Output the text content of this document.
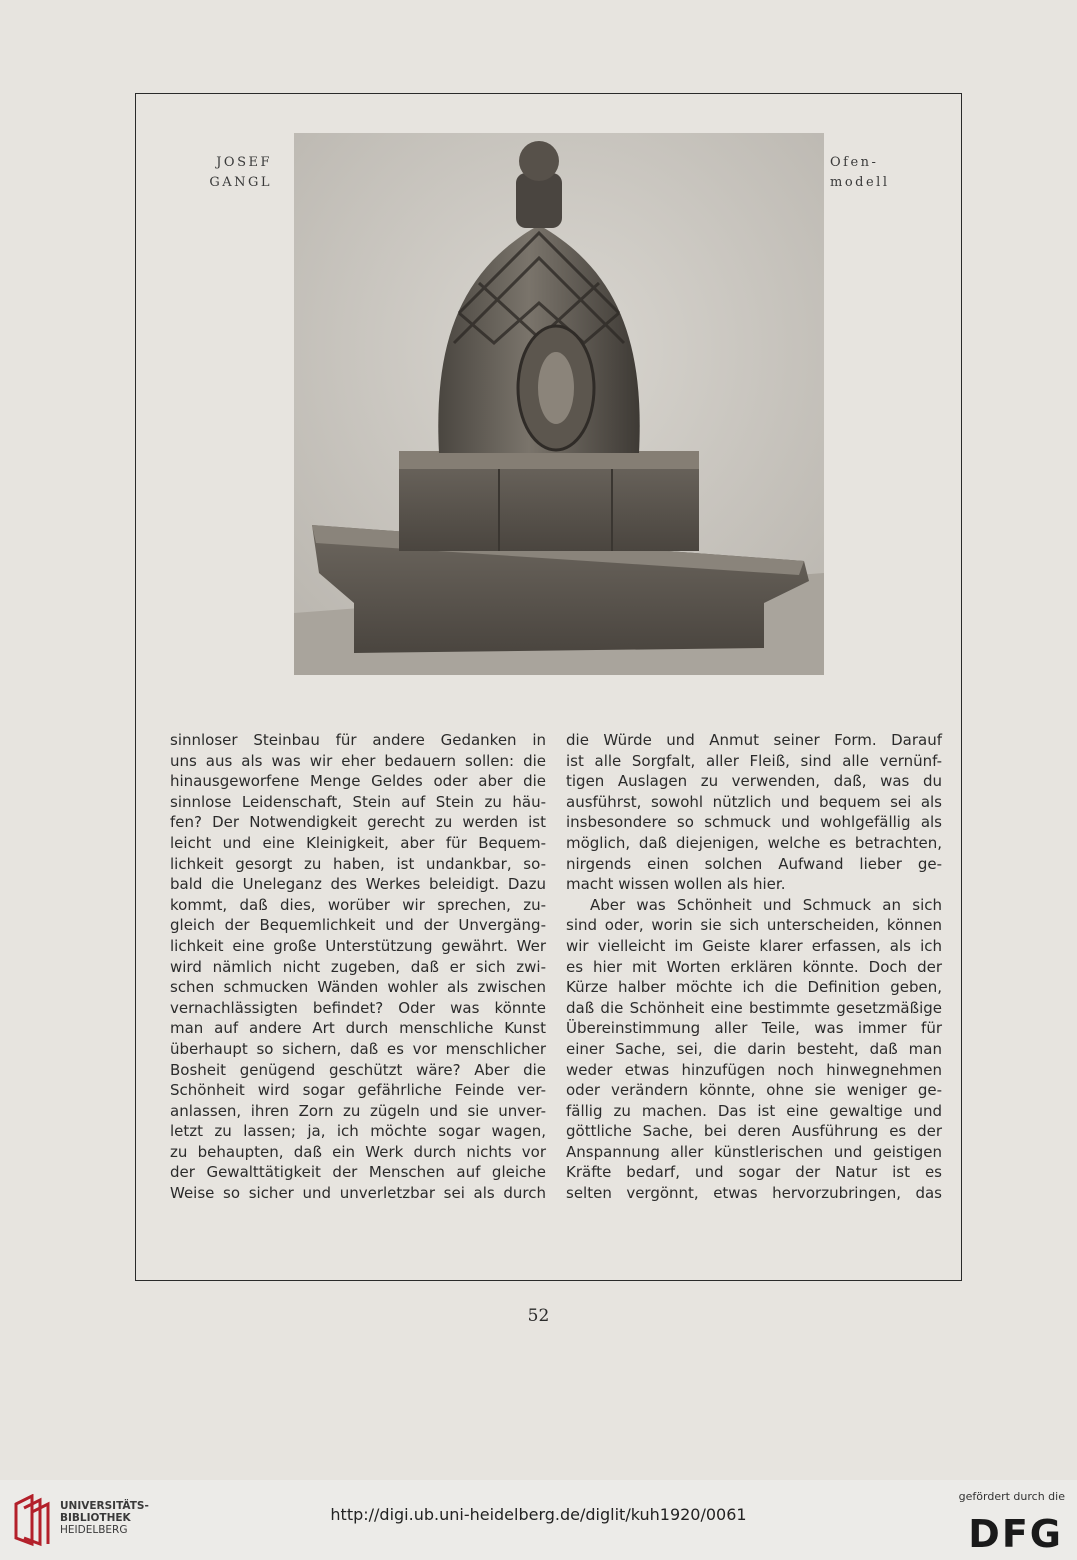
JOSEF
GANGL
Ofen-
modell
sinnloser Steinbau für andere Gedanken in
uns aus als was wir eher bedauern sollen: die
hinausgeworfene Menge Geldes oder aber die
sinnlose Leidenschaft, Stein auf Stein zu häu-
fen? Der Notwendigkeit gerecht zu werden ist
leicht und eine Kleinigkeit, aber für Bequem-
lichkeit gesorgt zu haben, ist undankbar, so-
bald die Uneleganz des Werkes beleidigt. Dazu
kommt, daß dies, worüber wir sprechen, zu-
gleich der Bequemlichkeit und der Unvergäng-
lichkeit eine große Unterstützung gewährt. Wer
wird nämlich nicht zugeben, daß er sich zwi-
schen schmucken Wänden wohler als zwischen
vernachlässigten befindet? Oder was könnte
man auf andere Art durch menschliche Kunst
überhaupt so sichern, daß es vor menschlicher
Bosheit genügend geschützt wäre? Aber die
Schönheit wird sogar gefährliche Feinde ver-
anlassen, ihren Zorn zu zügeln und sie unver-
letzt zu lassen; ja, ich möchte sogar wagen,
zu behaupten, daß ein Werk durch nichts vor
der Gewalttätigkeit der Menschen auf gleiche
Weise so sicher und unverletzbar sei als durch
die Würde und Anmut seiner Form. Darauf
ist alle Sorgfalt, aller Fleiß, sind alle vernünf-
tigen Auslagen zu verwenden, daß, was du
ausführst, sowohl nützlich und bequem sei als
insbesondere so schmuck und wohlgefällig als
möglich, daß diejenigen, welche es betrachten,
nirgends einen solchen Aufwand lieber ge-
macht wissen wollen als hier.
Aber was Schönheit und Schmuck an sich
sind oder, worin sie sich unterscheiden, können
wir vielleicht im Geiste klarer erfassen, als ich
es hier mit Worten erklären könnte. Doch der
Kürze halber möchte ich die Definition geben,
daß die Schönheit eine bestimmte gesetzmäßige
Übereinstimmung aller Teile, was immer für
einer Sache, sei, die darin besteht, daß man
weder etwas hinzufügen noch hinwegnehmen
oder verändern könnte, ohne sie weniger ge-
fällig zu machen. Das ist eine gewaltige und
göttliche Sache, bei deren Ausführung es der
Anspannung aller künstlerischen und geistigen
Kräfte bedarf, und sogar der Natur ist es
selten vergönnt, etwas hervorzubringen, das
52
UNIVERSITÄTS-
BIBLIOTHEK
HEIDELBERG
http://digi.ub.uni-heidelberg.de/diglit/kuh1920/0061
gefördert durch die
DFG
